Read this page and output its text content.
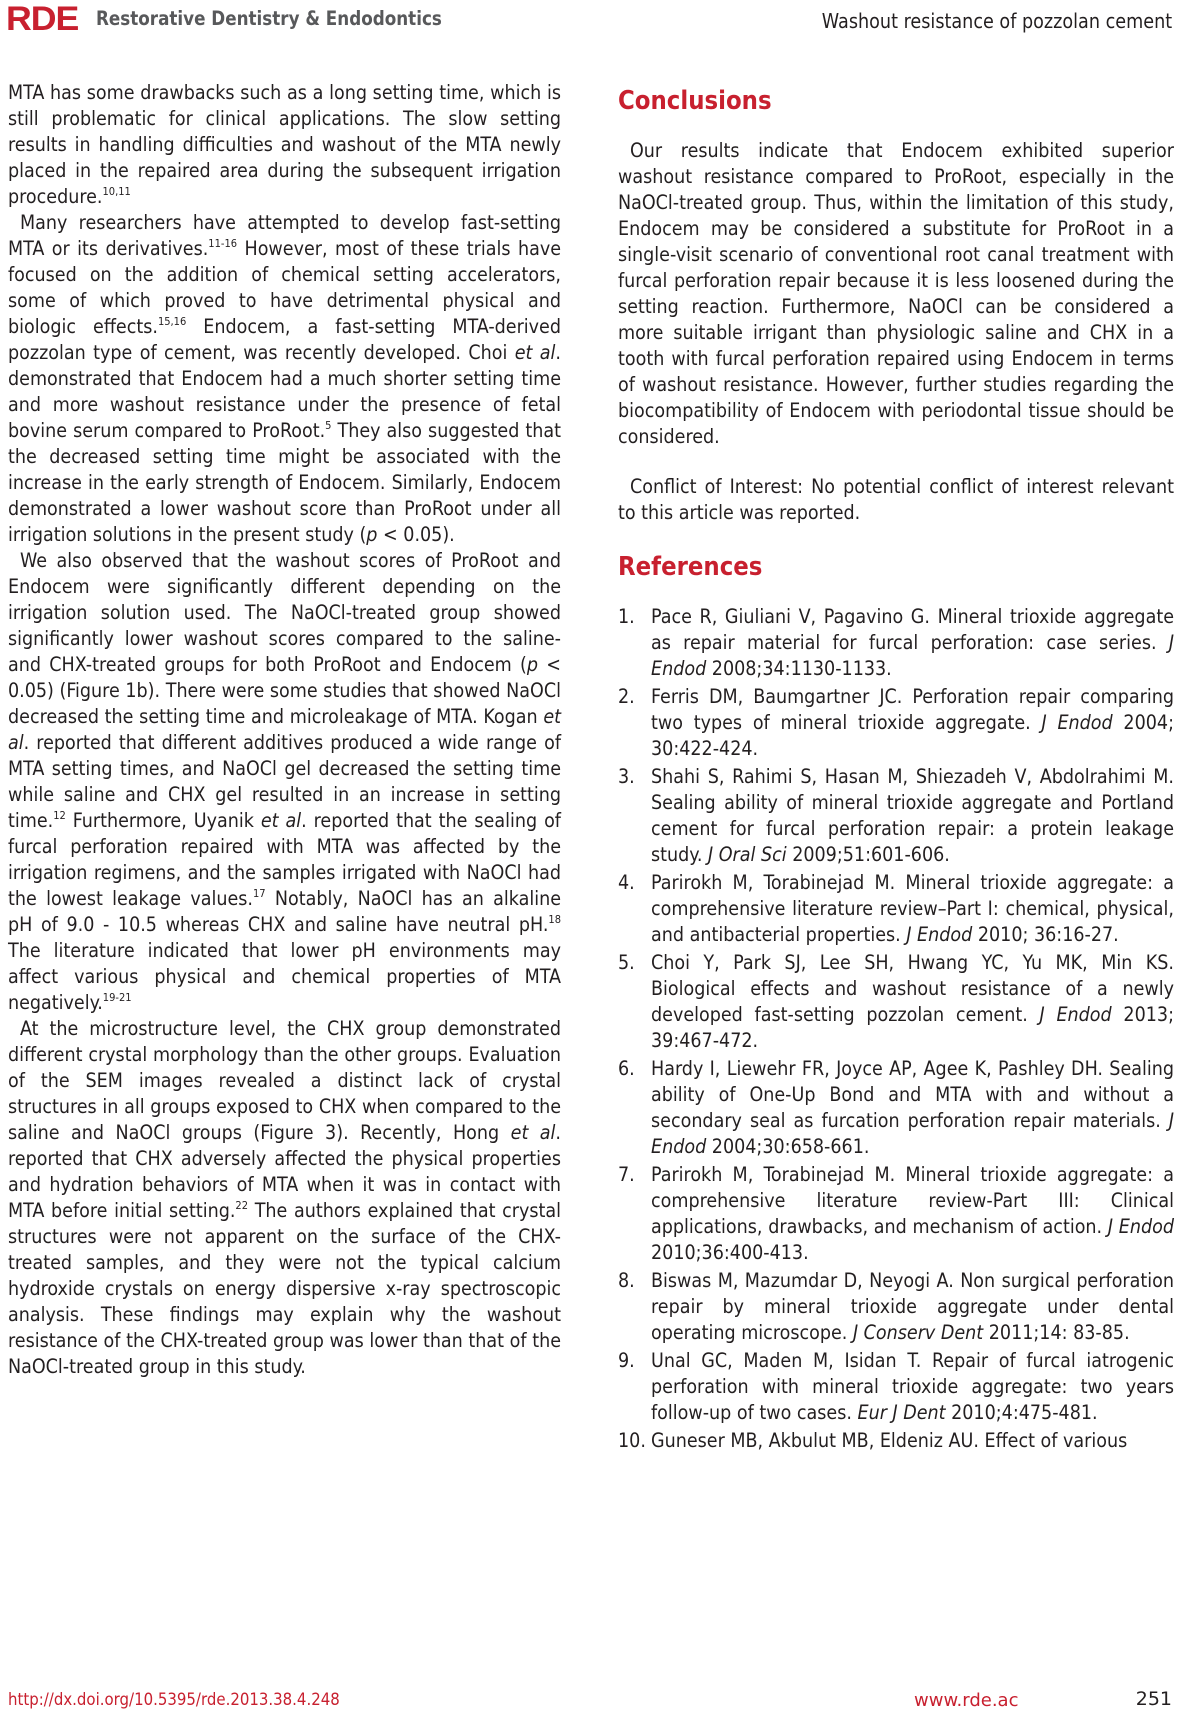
RDE Restorative Dentistry & Endodontics	Washout resistance of pozzolan cement

MTA has some drawbacks such as a long setting time, which is still problematic for clinical applications. The slow setting results in handling difficulties and washout of the MTA newly placed in the repaired area during the subsequent irrigation procedure.$^{10,11}$

Many researchers have attempted to develop fast-setting MTA or its derivatives.$^{11-16}$ However, most of these trials have focused on the addition of chemical setting accelerators, some of which proved to have detrimental physical and biologic effects.$^{15,16}$ Endocem, a fast-setting MTA-derived pozzolan type of cement, was recently developed. Choi et al. demonstrated that Endocem had a much shorter setting time and more washout resistance under the presence of fetal bovine serum compared to ProRoot.$^5$ They also suggested that the decreased setting time might be associated with the increase in the early strength of Endocem. Similarly, Endocem demonstrated a lower washout score than ProRoot under all irrigation solutions in the present study (p < 0.05).

We also observed that the washout scores of ProRoot and Endocem were significantly different depending on the irrigation solution used. The NaOCl-treated group showed significantly lower washout scores compared to the saline- and CHX-treated groups for both ProRoot and Endocem (p < 0.05) (Figure 1b). There were some studies that showed NaOCl decreased the setting time and microleakage of MTA. Kogan et al. reported that different additives produced a wide range of MTA setting times, and NaOCl gel decreased the setting time while saline and CHX gel resulted in an increase in setting time.$^{12}$ Furthermore, Uyanik et al. reported that the sealing of furcal perforation repaired with MTA was affected by the irrigation regimens, and the samples irrigated with NaOCl had the lowest leakage values.$^{17}$ Notably, NaOCl has an alkaline pH of 9.0 - 10.5 whereas CHX and saline have neutral pH.$^{18}$ The literature indicated that lower pH environments may affect various physical and chemical properties of MTA negatively.$^{19-21}$

At the microstructure level, the CHX group demonstrated different crystal morphology than the other groups. Evaluation of the SEM images revealed a distinct lack of crystal structures in all groups exposed to CHX when compared to the saline and NaOCl groups (Figure 3). Recently, Hong et al. reported that CHX adversely affected the physical properties and hydration behaviors of MTA when it was in contact with MTA before initial setting.$^{22}$ The authors explained that crystal structures were not apparent on the surface of the CHX-treated samples, and they were not the typical calcium hydroxide crystals on energy dispersive x-ray spectroscopic analysis. These findings may explain why the washout resistance of the CHX-treated group was lower than that of the NaOCl-treated group in this study.

Conclusions

Our results indicate that Endocem exhibited superior washout resistance compared to ProRoot, especially in the NaOCl-treated group. Thus, within the limitation of this study, Endocem may be considered a substitute for ProRoot in a single-visit scenario of conventional root canal treatment with furcal perforation repair because it is less loosened during the setting reaction. Furthermore, NaOCl can be considered a more suitable irrigant than physiologic saline and CHX in a tooth with furcal perforation repaired using Endocem in terms of washout resistance. However, further studies regarding the biocompatibility of Endocem with periodontal tissue should be considered.

Conflict of Interest: No potential conflict of interest relevant to this article was reported.

References
1. Pace R, Giuliani V, Pagavino G. Mineral trioxide aggregate as repair material for furcal perforation: case series. J Endod 2008;34:1130-1133.
2. Ferris DM, Baumgartner JC. Perforation repair comparing two types of mineral trioxide aggregate. J Endod 2004; 30:422-424.
3. Shahi S, Rahimi S, Hasan M, Shiezadeh V, Abdolrahimi M. Sealing ability of mineral trioxide aggregate and Portland cement for furcal perforation repair: a protein leakage study. J Oral Sci 2009;51:601-606.
4. Parirokh M, Torabinejad M. Mineral trioxide aggregate: a comprehensive literature review–Part I: chemical, physical, and antibacterial properties. J Endod 2010; 36:16-27.
5. Choi Y, Park SJ, Lee SH, Hwang YC, Yu MK, Min KS. Biological effects and washout resistance of a newly developed fast-setting pozzolan cement. J Endod 2013; 39:467-472.
6. Hardy I, Liewehr FR, Joyce AP, Agee K, Pashley DH. Sealing ability of One-Up Bond and MTA with and without a secondary seal as furcation perforation repair materials. J Endod 2004;30:658-661.
7. Parirokh M, Torabinejad M. Mineral trioxide aggregate: a comprehensive literature review-Part III: Clinical applications, drawbacks, and mechanism of action. J Endod 2010;36:400-413.
8. Biswas M, Mazumdar D, Neyogi A. Non surgical perforation repair by mineral trioxide aggregate under dental operating microscope. J Conserv Dent 2011;14: 83-85.
9. Unal GC, Maden M, Isidan T. Repair of furcal iatrogenic perforation with mineral trioxide aggregate: two years follow-up of two cases. Eur J Dent 2010;4:475-481.
10. Guneser MB, Akbulut MB, Eldeniz AU. Effect of various
http://dx.doi.org/10.5395/rde.2013.38.4.248	www.rde.ac	251
